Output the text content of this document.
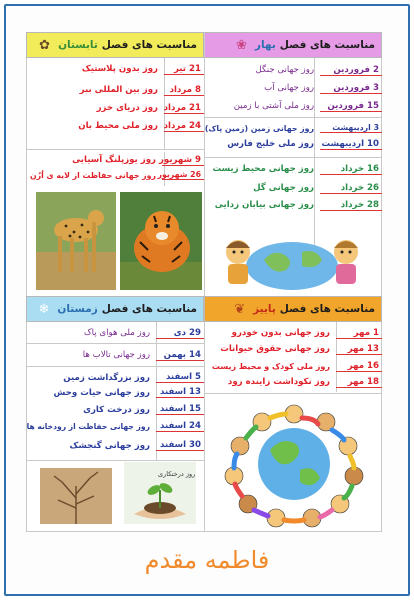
مناسبت های فصل
تابستان
✿
21 تیر
روز بدون پلاستیک
8 مرداد
روز بین المللی ببر
21 مرداد
روز دریای خزر
24 مرداد
روز ملی محیط بان
9 شهریور
روز یوزپلنگ آسیایی
26 شهریور
روز جهانی حفاظت از لایه ی اُزُن
مناسبت های فصل
بهار
❀
2 فروردین
روز جهانی جنگل
3 فروردین
روز جهانی آب
15 فروردین
روز ملی آشتی با زمین
3 اردیبهشت
روز جهانی زمین (زمین پاک)
10 اردیبهشت
روز ملی خلیج فارس
16 خرداد
روز جهانی محیط زیست
26 خرداد
روز جهانی گل
28 خرداد
روز جهانی بیابان زدایی
مناسبت های فصل
زمستان
❄
29 دی
روز ملی هوای پاک
14 بهمن
روز جهانی تالاب ها
5 اسفند
روز بزرگداشت زمین
13 اسفند
روز جهانی حیات وحش
15 اسفند
روز درخت کاری
24 اسفند
روز جهانی حفاظت از رودخانه ها
30 اسفند
روز جهانی گنجشک
روز درختکاری
مناسبت های فصل
پاییز
❦
1 مهر
روز جهانی بدون خودرو
13 مهر
روز جهانی حقوق حیوانات
16 مهر
روز ملی کودک و محیط زیست
18 مهر
روز نکوداشت زاینده رود
فاطمه مقدم
